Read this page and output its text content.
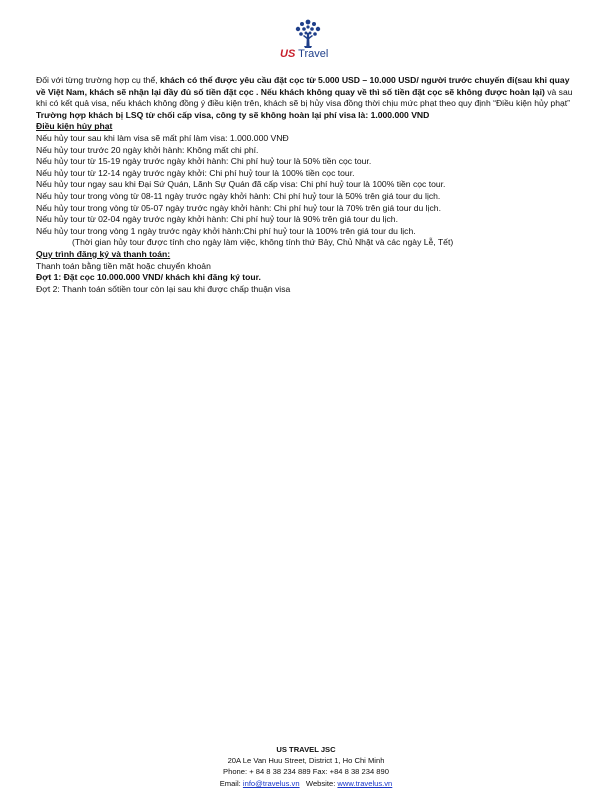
US Travel

Đối với từng trường hợp cụ thể, khách có thể được yêu cầu đặt cọc từ 5.000 USD – 10.000 USD/ người trước chuyến đi(sau khi quay về Việt Nam, khách sẽ nhận lại đầy đủ số tiền đặt cọc . Nếu khách không quay về thì số tiền đặt cọc sẽ không được hoàn lại) và sau khi có kết quả visa, nếu khách không đồng ý điều kiện trên, khách sẽ bị hủy visa đồng thời chịu mức phạt theo quy định “Điều kiện hủy phạt”

Trường hợp khách bị LSQ từ chối cấp visa, công ty sẽ không hoàn lại phí visa là: 1.000.000 VND

Điều kiện hủy phạt

Nếu hủy tour sau khi làm visa sẽ mất phí làm visa: 1.000.000 VNĐ

Nếu hủy tour trước 20 ngày khởi hành: Không mất chi phí.

Nếu hủy tour từ 15-19 ngày trước ngày khởi hành: Chi phí huỷ tour là 50% tiền cọc tour.

Nếu hủy tour từ 12-14 ngày trước ngày khởi: Chi phí huỷ tour là 100% tiền cọc tour.

Nếu hủy tour ngay sau khi Đại Sứ Quán, Lãnh Sự Quán đã cấp visa: Chi phí huỷ tour là 100% tiền cọc tour.

Nếu hủy tour trong vòng từ 08-11 ngày trước ngày khởi hành: Chi phí huỷ tour là 50% trên giá tour du lịch.

Nếu hủy tour trong vòng từ 05-07 ngày trước ngày khởi hành: Chi phí huỷ tour là 70% trên giá tour du lịch.

Nếu hủy tour từ 02-04 ngày trước ngày khởi hành: Chi phí huỷ tour là 90% trên giá tour du lịch.

Nếu hủy tour trong vòng 1 ngày trước ngày khởi hành:Chi phí huỷ tour là 100% trên giá tour du lịch.

(Thời gian hủy tour được tính cho ngày làm việc, không tính thứ Bảy, Chủ Nhật và các ngày Lễ, Tết)

Quy trình đăng ký và thanh toán:

Thanh toán bằng tiền mặt hoặc chuyển khoản

Đợt 1: Đặt cọc 10.000.000 VND/ khách khi đăng ký tour.

Đợt 2: Thanh toán sốtiền tour còn lại sau khi được chấp thuận visa

US TRAVEL JSC
20A Le Van Huu Street, District 1, Ho Chi Minh
Phone: + 84 8 38 234 889 Fax: +84 8 38 234 890
Email: info@travelus.vn   Website: www.travelus.vn
